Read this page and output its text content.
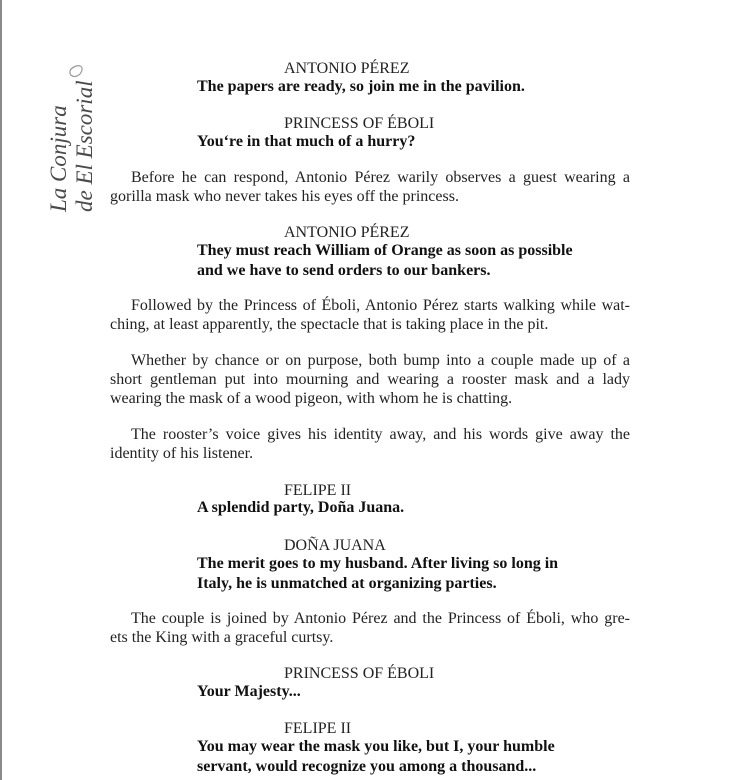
La Conjura de El Escorial
ANTONIO PÉREZ
The papers are ready, so join me in the pavilion.
PRINCESS OF ÉBOLI
You‘re in that much of a hurry?
Before he can respond, Antonio Pérez warily observes a guest wearing a
gorilla mask who never takes his eyes off the princess.
ANTONIO PÉREZ
They must reach William of Orange as soon as possible
and we have to send orders to our bankers.
Followed by the Princess of Éboli, Antonio Pérez starts walking while wat-
ching, at least apparently, the spectacle that is taking place in the pit.
Whether by chance or on purpose, both bump into a couple made up of a
short gentleman put into mourning and wearing a rooster mask and a lady
wearing the mask of a wood pigeon, with whom he is chatting.
The rooster’s voice gives his identity away, and his words give away the
identity of his listener.
FELIPE II
A splendid party, Doña Juana.
DOÑA JUANA
The merit goes to my husband. After living so long in
Italy, he is unmatched at organizing parties.
The couple is joined by Antonio Pérez and the Princess of Éboli, who gre-
ets the King with a graceful curtsy.
PRINCESS OF ÉBOLI
Your Majesty...
FELIPE II
You may wear the mask you like, but I, your humble
servant, would recognize you among a thousand...
